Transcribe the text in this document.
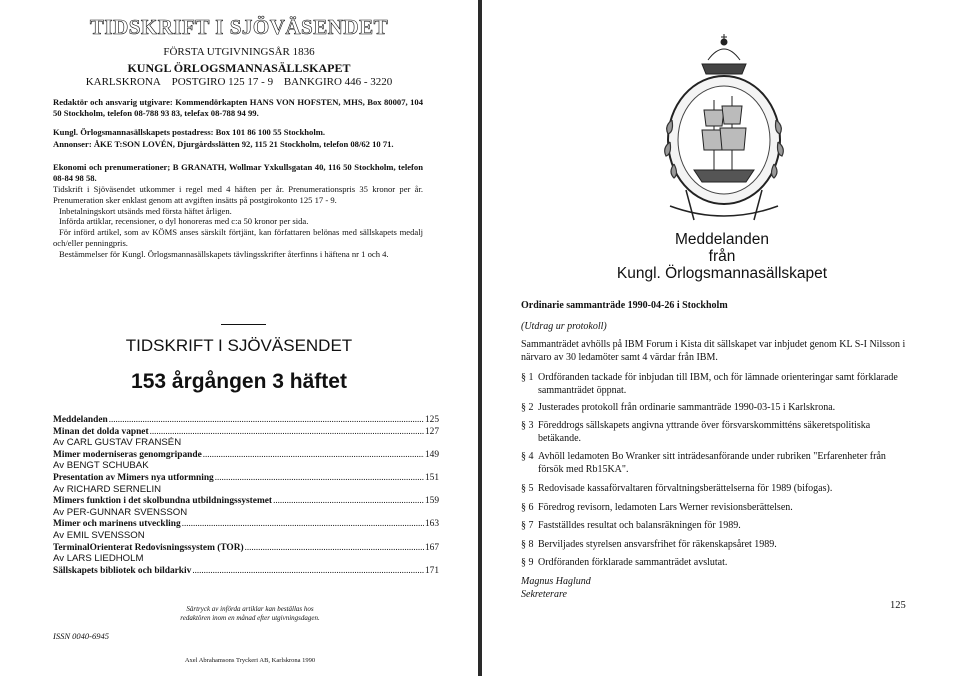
TIDSKRIFT I SJÖVÄSENDET
FÖRSTA UTGIVNINGSÅR 1836
KUNGL ÖRLOGSMANNASÄLLSKAPET
KARLSKRONA POSTGIRO 125 17 - 9 BANKGIRO 446 - 3220
Redaktör och ansvarig utgivare: Kommendörkapten HANS VON HOFSTEN, MHS, Box 80007, 104 50 Stockholm, telefon 08-788 93 83, telefax 08-788 94 99.
Kungl. Örlogsmannasällskapets postadress: Box 101 86 100 55 Stockholm.
Annonser: ÅKE T:SON LOVÉN, Djurgårdsslätten 92, 115 21 Stockholm, telefon 08/62 10 71.
Ekonomi och prenumerationer; B GRANATH, Wollmar Yxkullsgatan 40, 116 50 Stockholm, telefon 08-84 98 58.
Tidskrift i Sjöväsendet utkommer i regel med 4 häften per år. Prenumerationspris 35 kronor per år. Prenumeration sker enklast genom att avgiften insätts på postgirokonto 125 17 - 9.
Inbetalningskort utsänds med första häftet årligen.
Införda artiklar, recensioner, o dyl honoreras med c:a 50 kronor per sida.
För införd artikel, som av KÖMS anses särskilt förtjänt, kan författaren belönas med sällskapets medalj och/eller penningpris.
Bestämmelser för Kungl. Örlogsmannasällskapets tävlingsskrifter återfinns i häftena nr 1 och 4.
TIDSKRIFT I SJÖVÄSENDET
153 årgången 3 häftet
Meddelanden .....	125
Minan det dolda vapnet .....	127
Av CARL GUSTAV FRANSÉN
Mimer moderniseras genomgripande .....	149
Av BENGT SCHUBAK
Presentation av Mimers nya utformning .....	151
Av RICHARD SERNELIN
Mimers funktion i det skolbundna utbildningssystemet .....	159
Av PER-GUNNAR SVENSSON
Mimer och marinens utveckling .....	163
Av EMIL SVENSSON
TerminalOrienterat Redovisningssystem (TOR) .....	167
Av LARS LIEDHOLM
Sällskapets bibliotek och bildarkiv .....	171
Särtryck av införda artiklar kan beställas hos
redaktören inom en månad efter utgivningsdagen.
ISSN 0040-6945
Axel Abrahamsons Tryckeri AB, Karlskrona 1990
Meddelanden
från
Kungl. Örlogsmannasällskapet
Ordinarie sammanträde 1990-04-26 i Stockholm
(Utdrag ur protokoll)
Sammanträdet avhölls på IBM Forum i Kista dit sällskapet var inbjudet genom KL S-I Nilsson i närvaro av 30 ledamöter samt 4 värdar från IBM.
§ 1 Ordföranden tackade för inbjudan till IBM, och för lämnade orienteringar samt förklarade sammanträdet öppnat.
§ 2 Justerades protokoll från ordinarie sammanträde 1990-03-15 i Karlskrona.
§ 3 Föreddrogs sällskapets angivna yttrande över försvarskommitténs säkeretspolitiska betäkande.
§ 4 Avhöll ledamoten Bo Wranker sitt inträdesanförande under rubriken "Erfarenheter från försök med Rb15KA".
§ 5 Redovisade kassaförvaltaren förvaltningsberättelserna för 1989 (bifogas).
§ 6 Föredrog revisorn, ledamoten Lars Werner revisionsberättelsen.
§ 7 Fastställdes resultat och balansräkningen för 1989.
§ 8 Berviljades styrelsen ansvarsfrihet för räkenskapsåret 1989.
§ 9 Ordföranden förklarade sammanträdet avslutat.
Magnus Haglund
Sekreterare
125
